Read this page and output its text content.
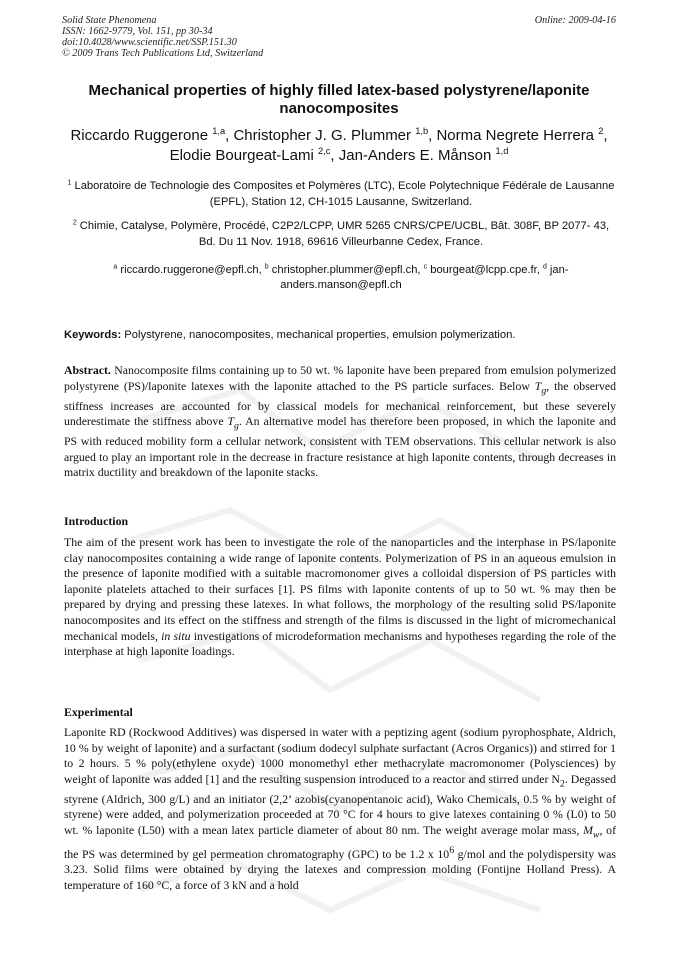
Solid State Phenomena
ISSN: 1662-9779, Vol. 151, pp 30-34
doi:10.4028/www.scientific.net/SSP.151.30
© 2009 Trans Tech Publications Ltd, Switzerland
Online: 2009-04-16
Mechanical properties of highly filled latex-based polystyrene/laponite nanocomposites
Riccardo Ruggerone $^{1,a}$, Christopher J. G. Plummer $^{1,b}$, Norma Negrete Herrera $^2$, Elodie Bourgeat-Lami $^{2,c}$, Jan-Anders E. Månson $^{1,d}$
$^1$ Laboratoire de Technologie des Composites et Polymères (LTC), Ecole Polytechnique Fédérale de Lausanne (EPFL), Station 12, CH-1015 Lausanne, Switzerland.
$^2$ Chimie, Catalyse, Polymère, Procédé, C2P2/LCPP, UMR 5265 CNRS/CPE/UCBL, Bât. 308F, BP 2077- 43, Bd. Du 11 Nov. 1918, 69616 Villeurbanne Cedex, France.
$^a$ riccardo.ruggerone@epfl.ch, $^b$ christopher.plummer@epfl.ch, $^c$ bourgeat@lcpp.cpe.fr, $^d$ jan-anders.manson@epfl.ch
Keywords: Polystyrene, nanocomposites, mechanical properties, emulsion polymerization.

Abstract. Nanocomposite films containing up to 50 wt. % laponite have been prepared from emulsion polymerized polystyrene (PS)/laponite latexes with the laponite attached to the PS particle surfaces. Below $T_g$, the observed stiffness increases are accounted for by classical models for mechanical reinforcement, but these severely underestimate the stiffness above $T_g$. An alternative model has therefore been proposed, in which the laponite and PS with reduced mobility form a cellular network, consistent with TEM observations. This cellular network is also argued to play an important role in the decrease in fracture resistance at high laponite contents, through decreases in matrix ductility and breakdown of the laponite stacks.

Introduction

The aim of the present work has been to investigate the role of the nanoparticles and the interphase in PS/laponite clay nanocomposites containing a wide range of laponite contents. Polymerization of PS in an aqueous emulsion in the presence of laponite modified with a suitable macromonomer gives a colloidal dispersion of PS particles with laponite platelets attached to their surfaces [1]. PS films with laponite contents of up to 50 wt. % may then be prepared by drying and pressing these latexes. In what follows, the morphology of the resulting solid PS/laponite nanocomposites and its effect on the stiffness and strength of the films is discussed in the light of micromechanical mechanical models, in situ investigations of microdeformation mechanisms and hypotheses regarding the role of the interphase at high laponite loadings.

Experimental

Laponite RD (Rockwood Additives) was dispersed in water with a peptizing agent (sodium pyrophosphate, Aldrich, 10 % by weight of laponite) and a surfactant (sodium dodecyl sulphate surfactant (Acros Organics)) and stirred for 1 to 2 hours. 5 % poly(ethylene oxyde) 1000 monomethyl ether methacrylate macromonomer (Polysciences) by weight of laponite was added [1] and the resulting suspension introduced to a reactor and stirred under $N_2$. Degassed styrene (Aldrich, 300 g/L) and an initiator (2,2’ azobis(cyanopentanoic acid), Wako Chemicals, 0.5 % by weight of styrene) were added, and polymerization proceeded at 70 °C for 4 hours to give latexes containing 0 % (L0) to 50 wt. % laponite (L50) with a mean latex particle diameter of about 80 nm. The weight average molar mass, $M_w$, of the PS was determined by gel permeation chromatography (GPC) to be 1.2 x $10^6$ g/mol and the polydispersity was 3.23. Solid films were obtained by drying the latexes and compression molding (Fontijne Holland Press). A temperature of 160 °C, a force of 3 kN and a hold
